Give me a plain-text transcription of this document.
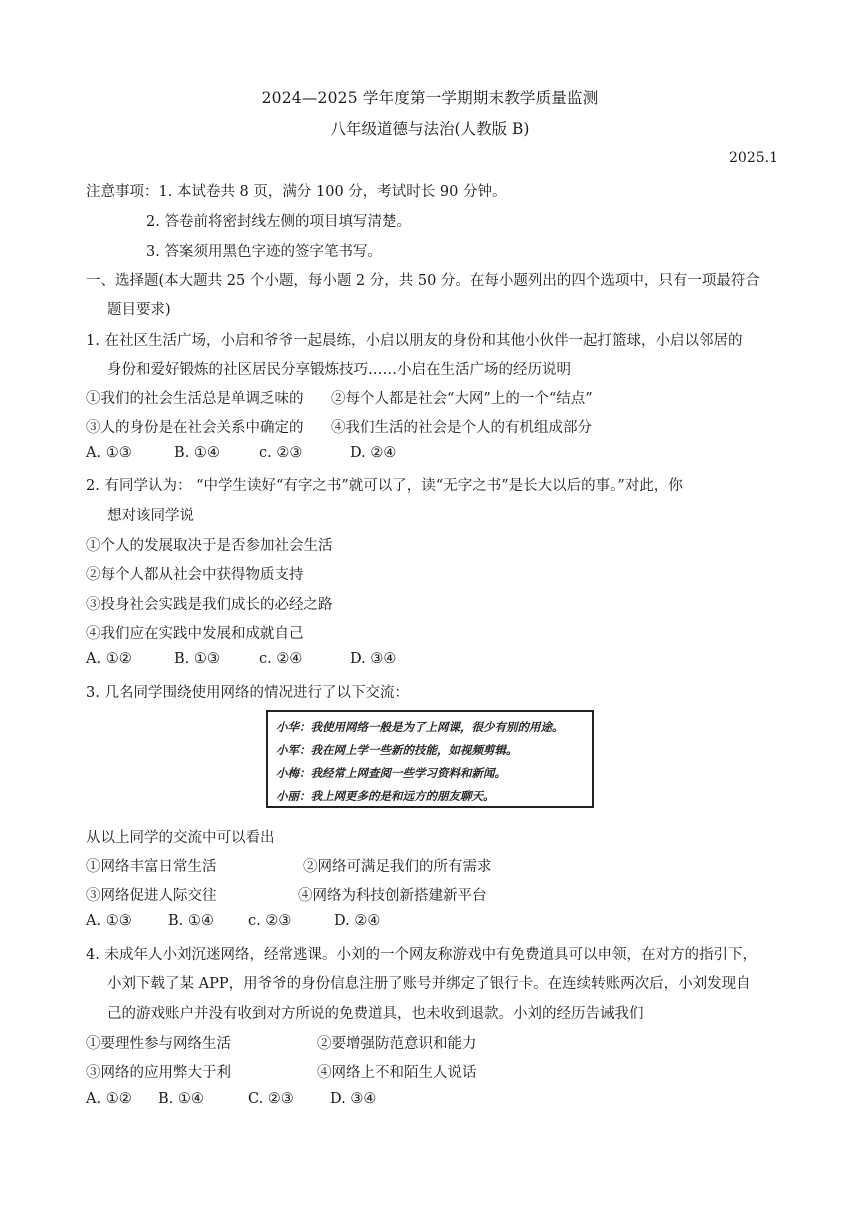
2024—2025 学年度第一学期期末教学质量监测
八年级道德与法治(人教版 B)
2025.1
注意事项：1. 本试卷共 8 页，满分 100 分，考试时长 90 分钟。
2. 答卷前将密封线左侧的项目填写清楚。
3. 答案须用黑色字迹的签字笔书写。
一、选择题(本大题共 25 个小题，每小题 2 分，共 50 分。在每小题列出的四个选项中，只有一项最符合
题目要求)
1. 在社区生活广场，小启和爷爷一起晨练，小启以朋友的身份和其他小伙伴一起打篮球，小启以邻居的
身份和爱好锻炼的社区居民分享锻炼技巧……小启在生活广场的经历说明
①我们的社会生活总是单调乏味的 ②每个人都是社会“大网”上的一个“结点”
③人的身份是在社会关系中确定的 ④我们生活的社会是个人的有机组成部分
A. ①③	B. ①④	c. ②③	D. ②④
2. 有同学认为： “中学生读好“有字之书”就可以了，读“无字之书”是长大以后的事。”对此，你
想对该同学说
①个人的发展取决于是否参加社会生活
②每个人都从社会中获得物质支持
③投身社会实践是我们成长的必经之路
④我们应在实践中发展和成就自己
A. ①②	B. ①③	c. ②④	D. ③④
3. 几名同学围绕使用网络的情况进行了以下交流：
小华：我使用网络一般是为了上网课，很少有别的用途。
小军：我在网上学一些新的技能，如视频剪辑。
小梅：我经常上网查阅一些学习资料和新闻。
小丽：我上网更多的是和远方的朋友聊天。
从以上同学的交流中可以看出
①网络丰富日常生活	②网络可满足我们的所有需求
③网络促进人际交往	④网络为科技创新搭建新平台
A. ①③	B. ①④ c. ②③	D. ②④
4. 未成年人小刘沉迷网络，经常逃课。小刘的一个网友称游戏中有免费道具可以申领，在对方的指引下，
小刘下载了某 APP，用爷爷的身份信息注册了账号并绑定了银行卡。在连续转账两次后，小刘发现自
己的游戏账户并没有收到对方所说的免费道具，也未收到退款。小刘的经历告诫我们
①要理性参与网络生活	②要增强防范意识和能力
③网络的应用弊大于利	④网络上不和陌生人说话
A. ①② B. ①④	C. ②③ D. ③④
